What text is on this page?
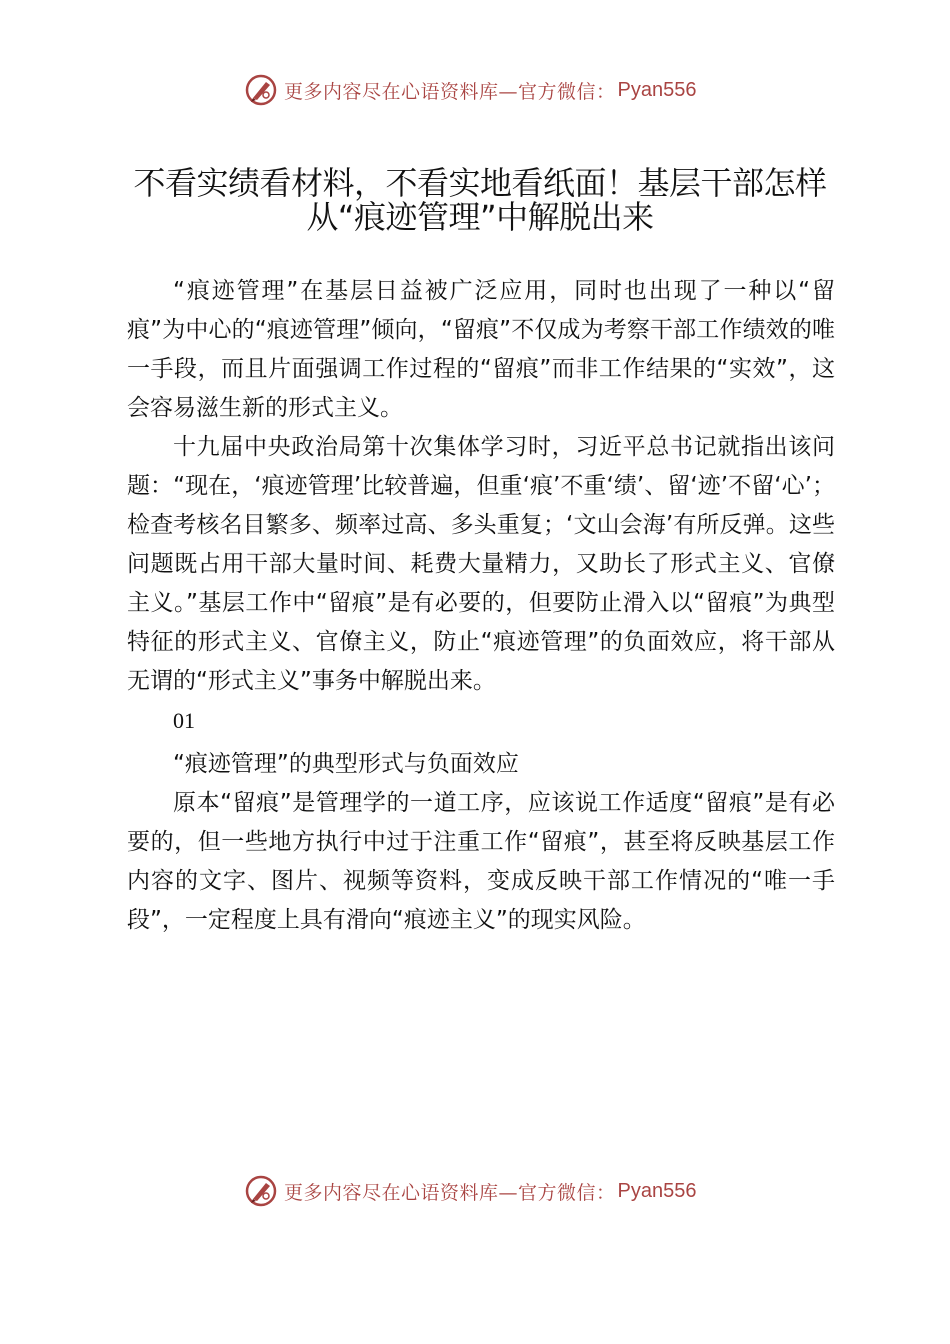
更多内容尽在心语资料库—官方微信： Pyan556
不看实绩看材料，不看实地看纸面！基层干部怎样从“痕迹管理”中解脱出来

“痕迹管理”在基层日益被广泛应用，同时也出现了一种以“留痕”为中心的“痕迹管理”倾向，“留痕”不仅成为考察干部工作绩效的唯一手段，而且片面强调工作过程的“留痕”而非工作结果的“实效”，这会容易滋生新的形式主义。

十九届中央政治局第十次集体学习时，习近平总书记就指出该问题：“现在，‘痕迹管理’比较普遍，但重‘痕’不重‘绩’、留‘迹’不留‘心’；检查考核名目繁多、频率过高、多头重复；‘文山会海’有所反弹。这些问题既占用干部大量时间、耗费大量精力，又助长了形式主义、官僚主义。”基层工作中“留痕”是有必要的，但要防止滑入以“留痕”为典型特征的形式主义、官僚主义，防止“痕迹管理”的负面效应，将干部从无谓的“形式主义”事务中解脱出来。

01

“痕迹管理”的典型形式与负面效应

原本“留痕”是管理学的一道工序，应该说工作适度“留痕”是有必要的，但一些地方执行中过于注重工作“留痕”，甚至将反映基层工作内容的文字、图片、视频等资料，变成反映干部工作情况的“唯一手段”，一定程度上具有滑向“痕迹主义”的现实风险。

更多内容尽在心语资料库—官方微信： Pyan556
